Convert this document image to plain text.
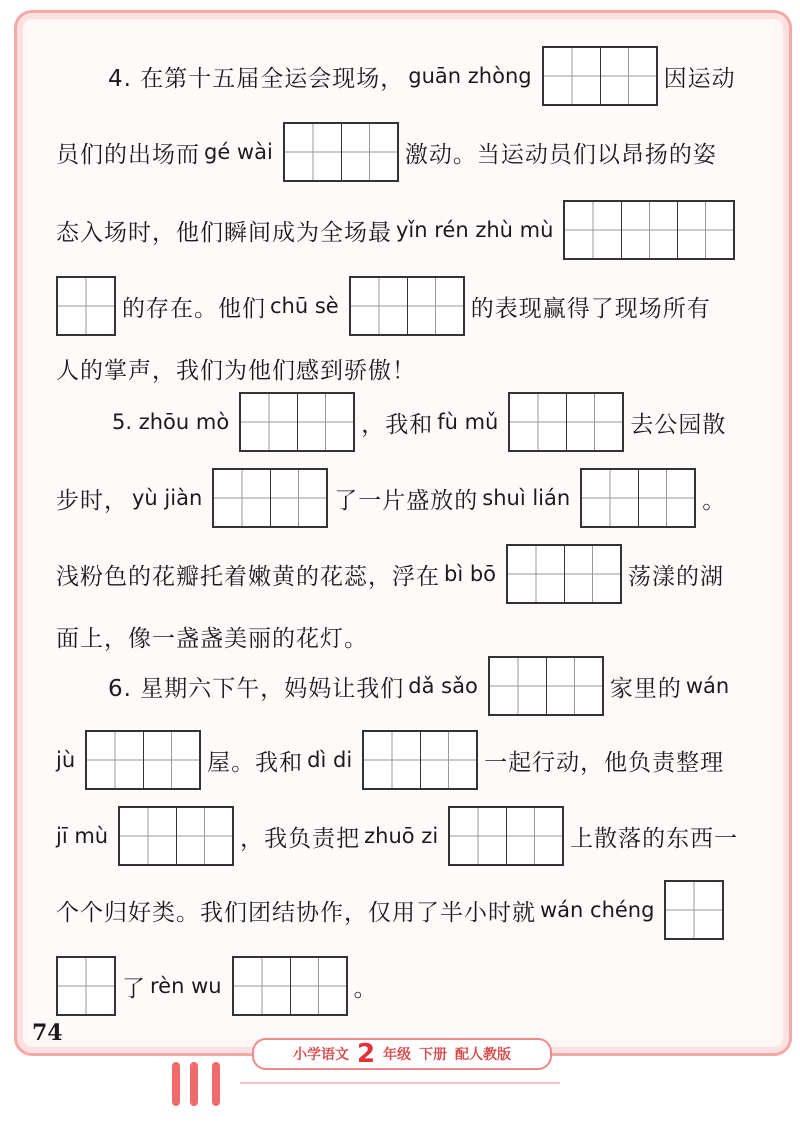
4. 在第十五届全运会现场， guān zhòng	因运动
员们的出场而 gé wài	激动。当运动员们以昂扬的姿
态入场时，他们瞬间成为全场最 yǐn rén zhù mù
的存在。他们 chū sè	的表现赢得了现场所有
人的掌声，我们为他们感到骄傲！
5. zhōu mò	，我和 fù mǔ	去公园散
步时， yù jiàn	了一片盛放的 shuì lián	。
浅粉色的花瓣托着嫩黄的花蕊，浮在 bì bō	荡漾的湖
面上，像一盏盏美丽的花灯。
6. 星期六下午，妈妈让我们 dǎ sǎo	家里的 wán
jù	屋。我和 dì di	一起行动，他负责整理
jī mù	，我负责把 zhuō zi	上散落的东西一
个个归好类。我们团结协作，仅用了半小时就 wán chéng
了 rèn wu	。
74
小学语文 2 年级 下册 配人教版
